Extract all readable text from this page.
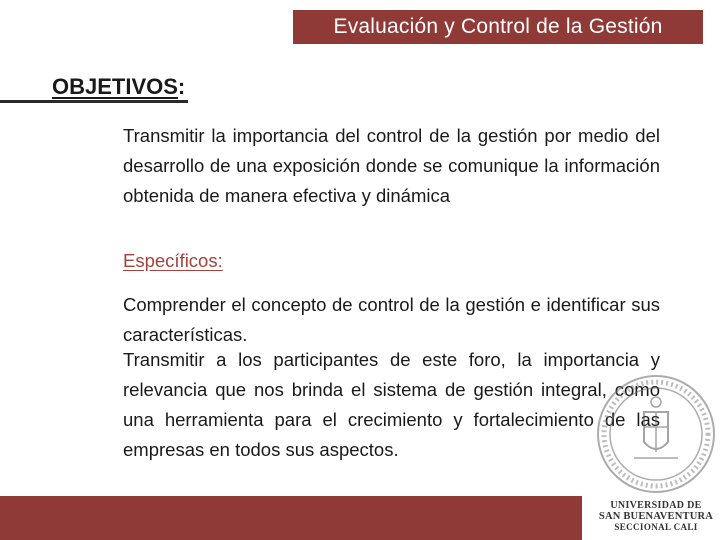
Evaluación y Control de la Gestión
OBJETIVOS:
Transmitir la importancia del control de la gestión por medio del desarrollo de una exposición donde se comunique la información obtenida de manera efectiva y dinámica
Específicos:
Comprender el concepto de control de la gestión e identificar sus características.
Transmitir a los participantes de este foro, la importancia y relevancia que nos brinda el sistema de gestión integral, como una herramienta para el crecimiento y fortalecimiento de las empresas en todos sus aspectos.
UNIVERSIDAD DE
SAN BUENAVENTURA
SECCIONAL CALI
